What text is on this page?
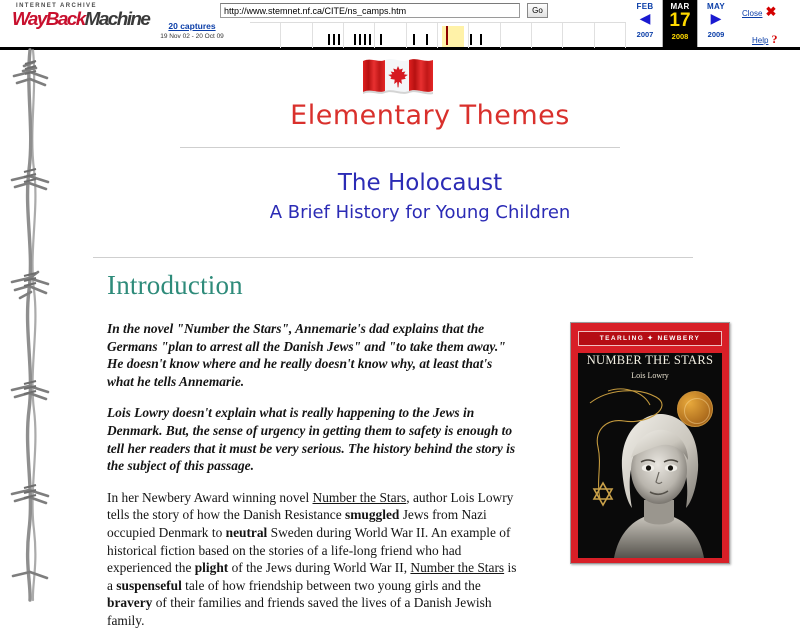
INTERNET ARCHIVE
WayBackMachine	20 captures
19 Nov 02 - 20 Oct 09
http://www.stemnet.nf.ca/CITE/ns_camps.htm
Go	FEB
◀
2007
MAR
17
2008
MAY
▶
2009
Close ✖
Help ?
Elementary Themes
The Holocaust
A Brief History for Young Children
Introduction

In the novel "Number the Stars", Annemarie's dad explains that the Germans "plan to arrest all the Danish Jews" and "to take them away." He doesn't know where and he really doesn't know why, at least that's what he tells Annemarie.

Lois Lowry doesn't explain what is really happening to the Jews in Denmark. But, the sense of urgency in getting them to safety is enough to tell her readers that it must be very serious. The history behind the story is the subject of this passage.

In her Newbery Award winning novel Number the Stars, author Lois Lowry tells the story of how the Danish Resistance smuggled Jews from Nazi occupied Denmark to neutral Sweden during World War II. An example of historical fiction based on the stories of a life-long friend who had experienced the plight of the Jews during World War II, Number the Stars is a suspenseful tale of how friendship between two young girls and the bravery of their families and friends saved the lives of a Danish Jewish family.

TEARLING ✦ NEWBERY
NUMBER THE STARS
Lois Lowry
